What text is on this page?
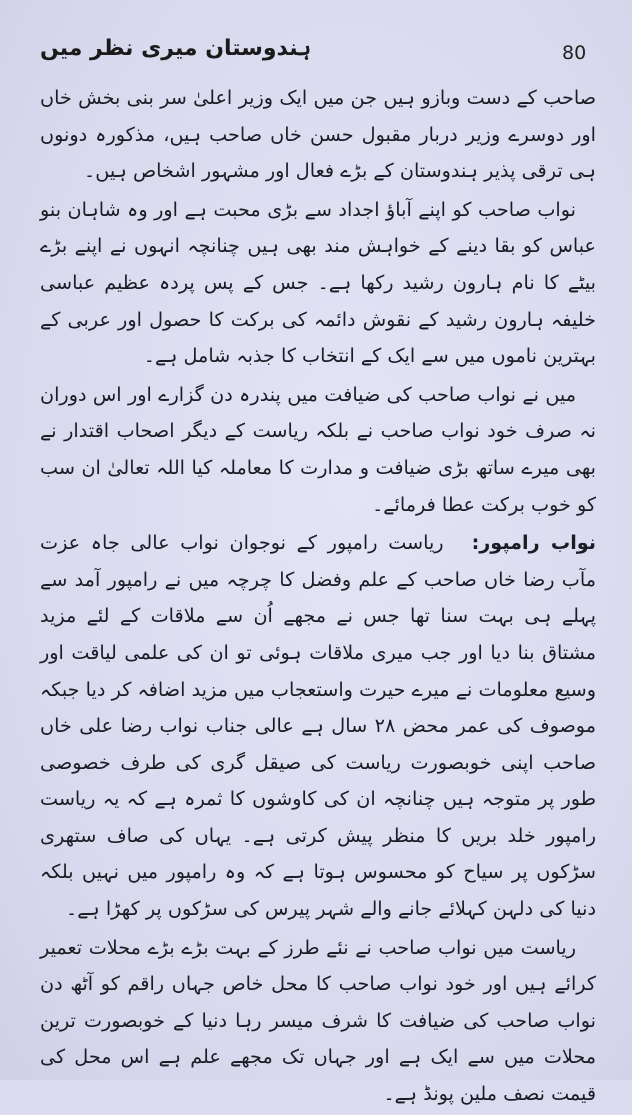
ہندوستان میری نظر میں	80

صاحب کے دست وبازو ہیں جن میں ایک وزیر اعلیٰ سر بنی بخش خاں اور دوسرے وزیر دربار مقبول حسن خاں صاحب ہیں، مذکورہ دونوں ہی ترقی پذیر ہندوستان کے بڑے فعال اور مشہور اشخاص ہیں۔

نواب صاحب کو اپنے آباؤ اجداد سے بڑی محبت ہے اور وہ شاہان بنو عباس کو بقا دینے کے خواہش مند بھی ہیں چنانچہ انہوں نے اپنے بڑے بیٹے کا نام ہارون رشید رکھا ہے۔ جس کے پس پردہ عظیم عباسی خلیفہ ہارون رشید کے نقوش دائمہ کی برکت کا حصول اور عربی کے بہترین ناموں میں سے ایک کے انتخاب کا جذبہ شامل ہے۔

میں نے نواب صاحب کی ضیافت میں پندرہ دن گزارے اور اس دوران نہ صرف خود نواب صاحب نے بلکہ ریاست کے دیگر اصحاب اقتدار نے بھی میرے ساتھ بڑی ضیافت و مدارت کا معاملہ کیا اللہ تعالیٰ ان سب کو خوب برکت عطا فرمائے۔

نواب رامپور:ریاست رامپور کے نوجوان نواب عالی جاہ عزت مآب رضا خاں صاحب کے علم وفضل کا چرچہ میں نے رامپور آمد سے پہلے ہی بہت سنا تھا جس نے مجھے اُن سے ملاقات کے لئے مزید مشتاق بنا دیا اور جب میری ملاقات ہوئی تو ان کی علمی لیاقت اور وسیع معلومات نے میرے حیرت واستعجاب میں مزید اضافہ کر دیا جبکہ موصوف کی عمر محض ۲۸ سال ہے عالی جناب نواب رضا علی خاں صاحب اپنی خوبصورت ریاست کی صیقل گری کی طرف خصوصی طور پر متوجہ ہیں چنانچہ ان کی کاوشوں کا ثمرہ ہے کہ یہ ریاست رامپور خلد بریں کا منظر پیش کرتی ہے۔ یہاں کی صاف ستھری سڑکوں پر سیاح کو محسوس ہوتا ہے کہ وہ رامپور میں نہیں بلکہ دنیا کی دلہن کہلائے جانے والے شہر پیرس کی سڑکوں پر کھڑا ہے۔

ریاست میں نواب صاحب نے نئے طرز کے بہت بڑے بڑے محلات تعمیر کرائے ہیں اور خود نواب صاحب کا محل خاص جہاں راقم کو آٹھ دن نواب صاحب کی ضیافت کا شرف میسر رہا دنیا کے خوبصورت ترین محلات میں سے ایک ہے اور جہاں تک مجھے علم ہے اس محل کی قیمت نصف ملین پونڈ ہے۔
